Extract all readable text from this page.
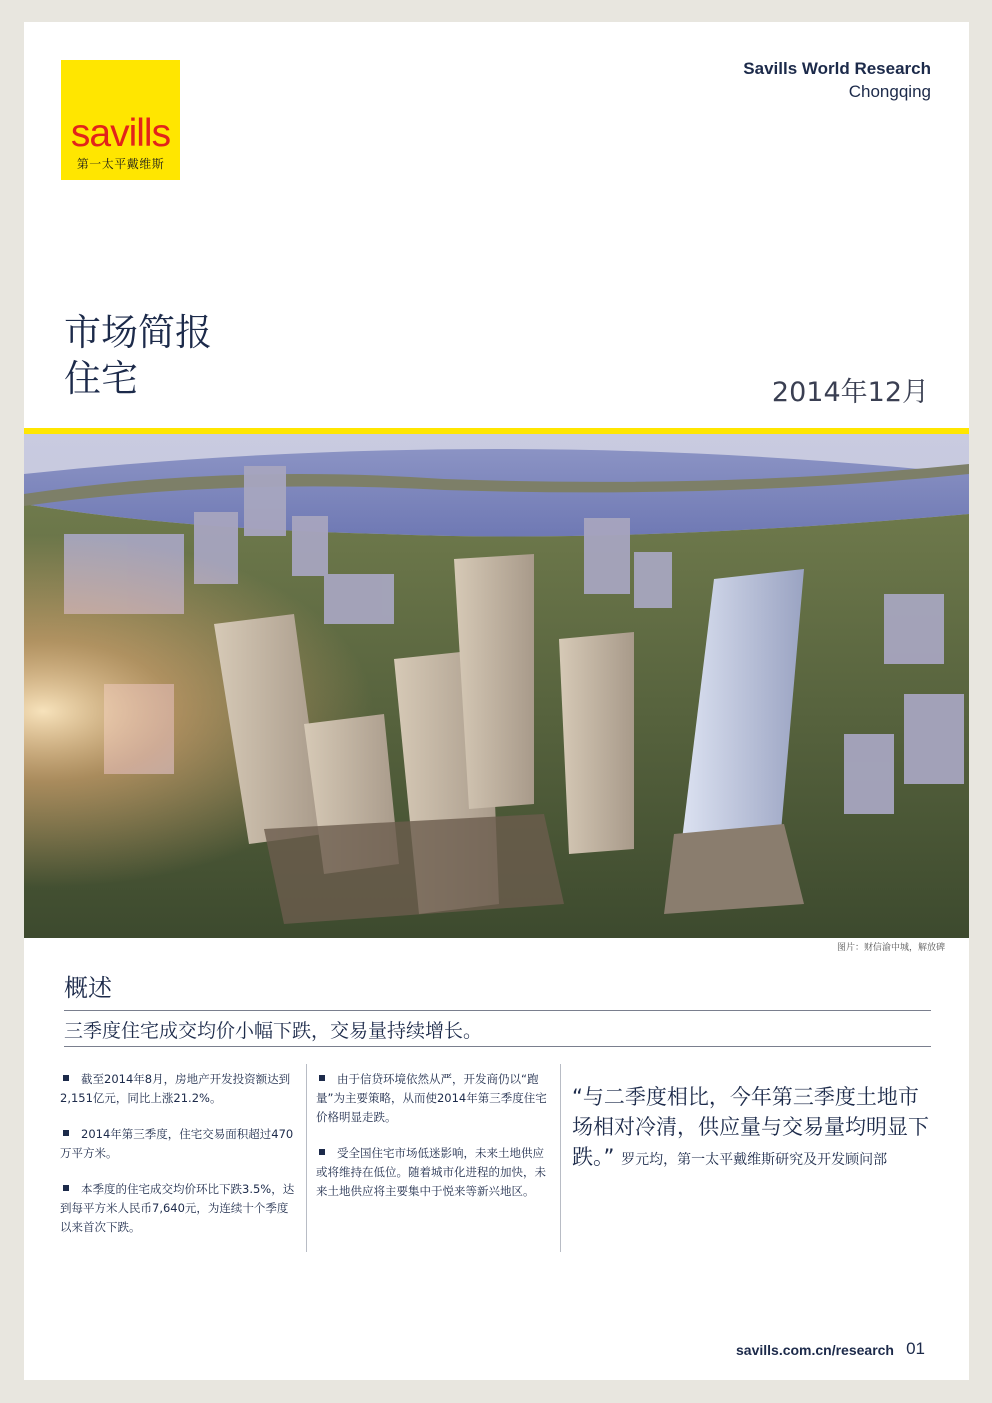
savills
第一太平戴维斯
Savills World Research
Chongqing
市场简报
住宅	2014年12月
图片：财信渝中城，解放碑
概述
三季度住宅成交均价小幅下跌，交易量持续增长。
截至2014年8月，房地产开发投资额达到2,151亿元，同比上涨21.2%。
2014年第三季度，住宅交易面积超过470万平方米。
本季度的住宅成交均价环比下跌3.5%，达到每平方米人民币7,640元，为连续十个季度以来首次下跌。
由于信贷环境依然从严，开发商仍以“跑量”为主要策略，从而使2014年第三季度住宅价格明显走跌。
受全国住宅市场低迷影响，未来土地供应或将维持在低位。随着城市化进程的加快，未来土地供应将主要集中于悦来等新兴地区。
“与二季度相比，今年第三季度土地市场相对冷清，供应量与交易量均明显下跌。” 罗元均，第一太平戴维斯研究及开发顾问部
savills.com.cn/research 01
